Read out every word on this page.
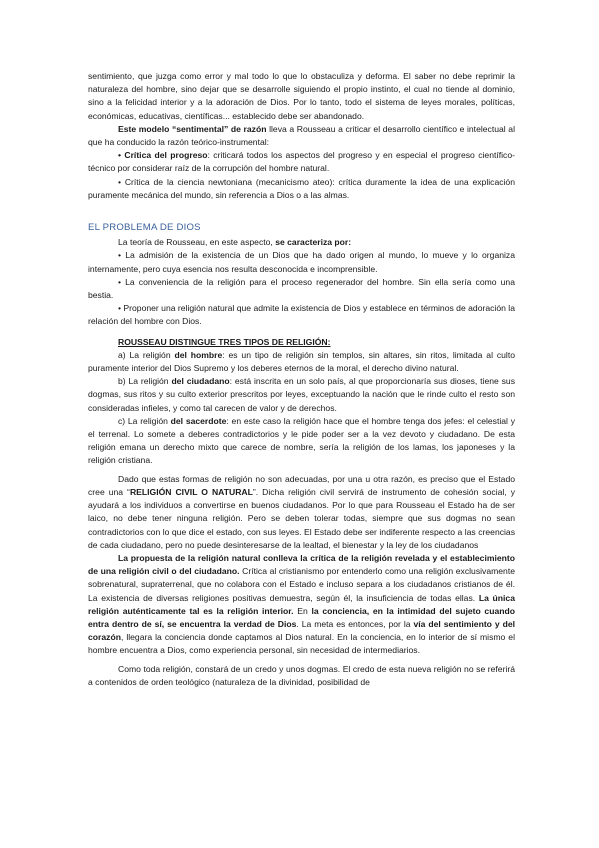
sentimiento, que juzga como error y mal todo lo que lo obstaculiza y deforma. El saber no debe reprimir la naturaleza del hombre, sino dejar que se desarrolle siguiendo el propio instinto, el cual no tiende al dominio, sino a la felicidad interior y a la adoración de Dios. Por lo tanto, todo el sistema de leyes morales, políticas, económicas, educativas, científicas... establecido debe ser abandonado.

Este modelo “sentimental” de razón lleva a Rousseau a criticar el desarrollo científico e intelectual al que ha conducido la razón teórico-instrumental:

• Crítica del progreso: criticará todos los aspectos del progreso y en especial el progreso científico-técnico por considerar raíz de la corrupción del hombre natural.

• Crítica de la ciencia newtoniana (mecanicismo ateo): crítica duramente la idea de una explicación puramente mecánica del mundo, sin referencia a Dios o a las almas.

EL PROBLEMA DE DIOS

La teoría de Rousseau, en este aspecto, se caracteriza por:

• La admisión de la existencia de un Dios que ha dado origen al mundo, lo mueve y lo organiza internamente, pero cuya esencia nos resulta desconocida e incomprensible.

• La conveniencia de la religión para el proceso regenerador del hombre. Sin ella sería como una bestia.

• Proponer una religión natural que admite la existencia de Dios y establece en términos de adoración la relación del hombre con Dios.

ROUSSEAU DISTINGUE TRES TIPOS DE RELIGIÓN:

a) La religión del hombre: es un tipo de religión sin templos, sin altares, sin ritos, limitada al culto puramente interior del Dios Supremo y los deberes eternos de la moral, el derecho divino natural.

b) La religión del ciudadano: está inscrita en un solo país, al que proporcionaría sus dioses, tiene sus dogmas, sus ritos y su culto exterior prescritos por leyes, exceptuando la nación que le rinde culto el resto son consideradas infieles, y como tal carecen de valor y de derechos.

c) La religión del sacerdote: en este caso la religión hace que el hombre tenga dos jefes: el celestial y el terrenal. Lo somete a deberes contradictorios y le pide poder ser a la vez devoto y ciudadano. De esta religión emana un derecho mixto que carece de nombre, sería la religión de los lamas, los japoneses y la religión cristiana.

Dado que estas formas de religión no son adecuadas, por una u otra razón, es preciso que el Estado cree una “RELIGIÓN CIVIL O NATURAL”. Dicha religión civil servirá de instrumento de cohesión social, y ayudará a los individuos a convertirse en buenos ciudadanos. Por lo que para Rousseau el Estado ha de ser laico, no debe tener ninguna religión. Pero se deben tolerar todas, siempre que sus dogmas no sean contradictorios con lo que dice el estado, con sus leyes. El Estado debe ser indiferente respecto a las creencias de cada ciudadano, pero no puede desinteresarse de la lealtad, el bienestar y la ley de los ciudadanos

La propuesta de la religión natural conlleva la crítica de la religión revelada y el establecimiento de una religión civil o del ciudadano. Crítica al cristianismo por entenderlo como una religión exclusivamente sobrenatural, supraterrenal, que no colabora con el Estado e incluso separa a los ciudadanos cristianos de él. La existencia de diversas religiones positivas demuestra, según él, la insuficiencia de todas ellas. La única religión auténticamente tal es la religión interior. En la conciencia, en la intimidad del sujeto cuando entra dentro de sí, se encuentra la verdad de Dios. La meta es entonces, por la vía del sentimiento y del corazón, llegara la conciencia donde captamos al Dios natural. En la conciencia, en lo interior de sí mismo el hombre encuentra a Dios, como experiencia personal, sin necesidad de intermediarios.

Como toda religión, constará de un credo y unos dogmas. El credo de esta nueva religión no se referirá a contenidos de orden teológico (naturaleza de la divinidad, posibilidad de
